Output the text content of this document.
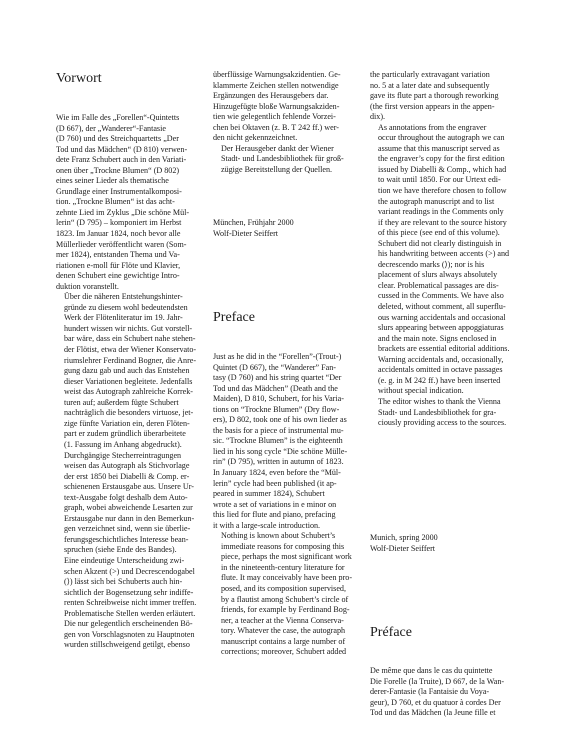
Vorwort

Wie im Falle des „Forellen“-Quintetts
(D 667), der „Wanderer“-Fantasie
(D 760) und des Streichquartetts „Der
Tod und das Mädchen“ (D 810) verwen-
dete Franz Schubert auch in den Variati-
onen über „Trockne Blumen“ (D 802)
eines seiner Lieder als thematische
Grundlage einer Instrumentalkomposi-
tion. „Trockne Blumen“ ist das acht-
zehnte Lied im Zyklus „Die schöne Mül-
lerin“ (D 795) – komponiert im Herbst
1823. Im Januar 1824, noch bevor alle
Müllerlieder veröffentlicht waren (Som-
mer 1824), entstanden Thema und Va-
riationen e-moll für Flöte und Klavier,
denen Schubert eine gewichtige Intro-
duktion voranstellt.

Über die näheren Entstehungshinter-
gründe zu diesem wohl bedeutendsten
Werk der Flötenliteratur im 19. Jahr-
hundert wissen wir nichts. Gut vorstell-
bar wäre, dass ein Schubert nahe stehen-
der Flötist, etwa der Wiener Konservato-
riumslehrer Ferdinand Bogner, die Anre-
gung dazu gab und auch das Entstehen
dieser Variationen begleitete. Jedenfalls
weist das Autograph zahlreiche Korrek-
turen auf; außerdem fügte Schubert
nachträglich die besonders virtuose, jet-
zige fünfte Variation ein, deren Flöten-
part er zudem gründlich überarbeitete
(1. Fassung im Anhang abgedruckt).

Durchgängige Stecherreintragungen
weisen das Autograph als Stichvorlage
der erst 1850 bei Diabelli & Comp. er-
schienenen Erstausgabe aus. Unsere Ur-
text-Ausgabe folgt deshalb dem Auto-
graph, wobei abweichende Lesarten zur
Erstausgabe nur dann in den Bemerkun-
gen verzeichnet sind, wenn sie überlie-
ferungsgeschichtliches Interesse bean-
spruchen (siehe Ende des Bandes).

Eine eindeutige Unterscheidung zwi-
schen Akzent (>) und Decrescendogabel
(⟩) lässt sich bei Schuberts auch hin-
sichtlich der Bogensetzung sehr indiffe-
renten Schreibweise nicht immer treffen.
Problematische Stellen werden erläutert.
Die nur gelegentlich erscheinenden Bö-
gen von Vorschlagsnoten zu Hauptnoten
wurden stillschweigend getilgt, ebenso

überflüssige Warnungsakzidentien. Ge-
klammerte Zeichen stellen notwendige
Ergänzungen des Herausgebers dar.
Hinzugefügte bloße Warnungsakziden-
tien wie gelegentlich fehlende Vorzei-
chen bei Oktaven (z. B. T 242 ff.) wer-
den nicht gekennzeichnet.

Der Herausgeber dankt der Wiener
Stadt- und Landesbibliothek für groß-
zügige Bereitstellung der Quellen.

München, Frühjahr 2000
Wolf-Dieter Seiffert
Preface

Just as he did in the “Forellen”-(Trout-)
Quintet (D 667), the “Wanderer” Fan-
tasy (D 760) and his string quartet “Der
Tod und das Mädchen” (Death and the
Maiden), D 810, Schubert, for his Varia-
tions on “Trockne Blumen” (Dry flow-
ers), D 802, took one of his own lieder as
the basis for a piece of instrumental mu-
sic. “Trockne Blumen” is the eighteenth
lied in his song cycle “Die schöne Mülle-
rin” (D 795), written in autumn of 1823.
In January 1824, even before the “Mül-
lerin” cycle had been published (it ap-
peared in summer 1824), Schubert
wrote a set of variations in e minor on
this lied for flute and piano, prefacing
it with a large-scale introduction.

Nothing is known about Schubert’s
immediate reasons for composing this
piece, perhaps the most significant work
in the nineteenth-century literature for
flute. It may conceivably have been pro-
posed, and its composition supervised,
by a flautist among Schubert’s circle of
friends, for example by Ferdinand Bog-
ner, a teacher at the Vienna Conserva-
tory. Whatever the case, the autograph
manuscript contains a large number of
corrections; moreover, Schubert added

the particularly extravagant variation
no. 5 at a later date and subsequently
gave its flute part a thorough reworking
(the first version appears in the appen-
dix).

As annotations from the engraver
occur throughout the autograph we can
assume that this manuscript served as
the engraver’s copy for the first edition
issued by Diabelli & Comp., which had
to wait until 1850. For our Urtext edi-
tion we have therefore chosen to follow
the autograph manuscript and to list
variant readings in the Comments only
if they are relevant to the source history
of this piece (see end of this volume).

Schubert did not clearly distinguish in
his handwriting between accents (>) and
decrescendo marks (⟩); nor is his
placement of slurs always absolutely
clear. Problematical passages are dis-
cussed in the Comments. We have also
deleted, without comment, all superflu-
ous warning accidentals and occasional
slurs appearing between appoggiaturas
and the main note. Signs enclosed in
brackets are essential editorial additions.
Warning accidentals and, occasionally,
accidentals omitted in octave passages
(e. g. in M 242 ff.) have been inserted
without special indication.

The editor wishes to thank the Vienna
Stadt- und Landesbibliothek for gra-
ciously providing access to the sources.

Munich, spring 2000
Wolf-Dieter Seiffert
Préface

De même que dans le cas du quintette
Die Forelle (la Truite), D 667, de la Wan-
derer-Fantasie (la Fantaisie du Voya-
geur), D 760, et du quatuor à cordes Der
Tod und das Mädchen (la Jeune fille et
